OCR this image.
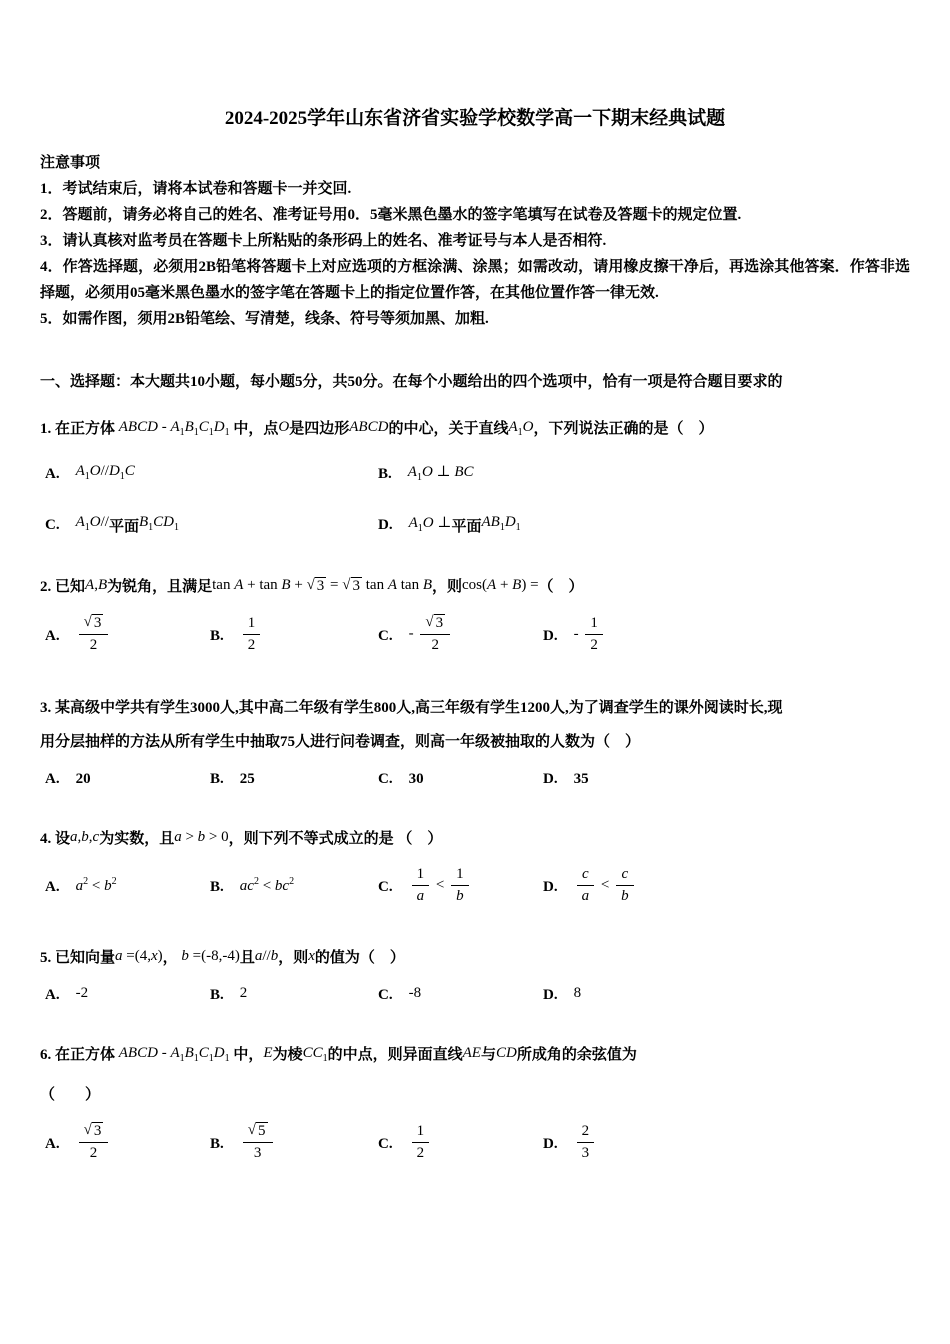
2024-2025学年山东省济省实验学校数学高一下期末经典试题
注意事项
1．考试结束后，请将本试卷和答题卡一并交回.
2．答题前，请务必将自己的姓名、准考证号用0．5毫米黑色墨水的签字笔填写在试卷及答题卡的规定位置.
3．请认真核对监考员在答题卡上所粘贴的条形码上的姓名、准考证号与本人是否相符.
4．作答选择题，必须用2B铅笔将答题卡上对应选项的方框涂满、涂黑；如需改动，请用橡皮擦干净后，再选涂其他答案．作答非选择题，必须用05毫米黑色墨水的签字笔在答题卡上的指定位置作答，在其他位置作答一律无效.
5．如需作图，须用2B铅笔绘、写清楚，线条、符号等须加黑、加粗.
一、选择题：本大题共10小题，每小题5分，共50分。在每个小题给出的四个选项中，恰有一项是符合题目要求的
1. 在正方体 ABCD - $A_1B_1C_1D_1$ 中，点O是四边形ABCD的中心，关于直线$A_1O$，下列说法正确的是（　）
A. $A_1O//D_1C$	B. $A_1O$ ⊥ BC
C. $A_1O//$ 平面 $B_1CD_1$	D. $A_1O$ ⊥ 平面 $AB_1D_1$
2. 已知A,B为锐角，且满足tan A + tan B + √ 3 = √ 3 tan A tan B，则cos(A + B) =（　）
A. $\frac{√ 3}{2}$	B. $\frac{1}{2}$	C. - $\frac{√ 3}{2}$	D. - $\frac{1}{2}$
3. 某高级中学共有学生3000人,其中高二年级有学生800人,高三年级有学生1200人,为了调查学生的课外阅读时长,现
用分层抽样的方法从所有学生中抽取75人进行问卷调查，则高一年级被抽取的人数为（　）
A. 20	B. 25	C. 30	D. 35
4. 设a,b,c为实数，且a > b > 0，则下列不等式成立的是 （　）
A. $a^2 < b^2$	B. $ac^2 < bc^2$	C. $\frac{1}{a} < \frac{1}{b}$	D. $\frac{c}{a} < \frac{c}{b}$
5. 已知向量a =(4,x)， b =(-8,-4)且a//b，则x的值为（　）
A. -2	B. 2	C. -8	D. 8
6. 在正方体 ABCD - $A_1B_1C_1D_1$ 中，E为棱$CC_1$的中点，则异面直线AE与CD所成角的余弦值为
（　　）
A. $\frac{√ 3}{2}$	B. $\frac{√ 5}{3}$	C. $\frac{1}{2}$	D. $\frac{2}{3}$
